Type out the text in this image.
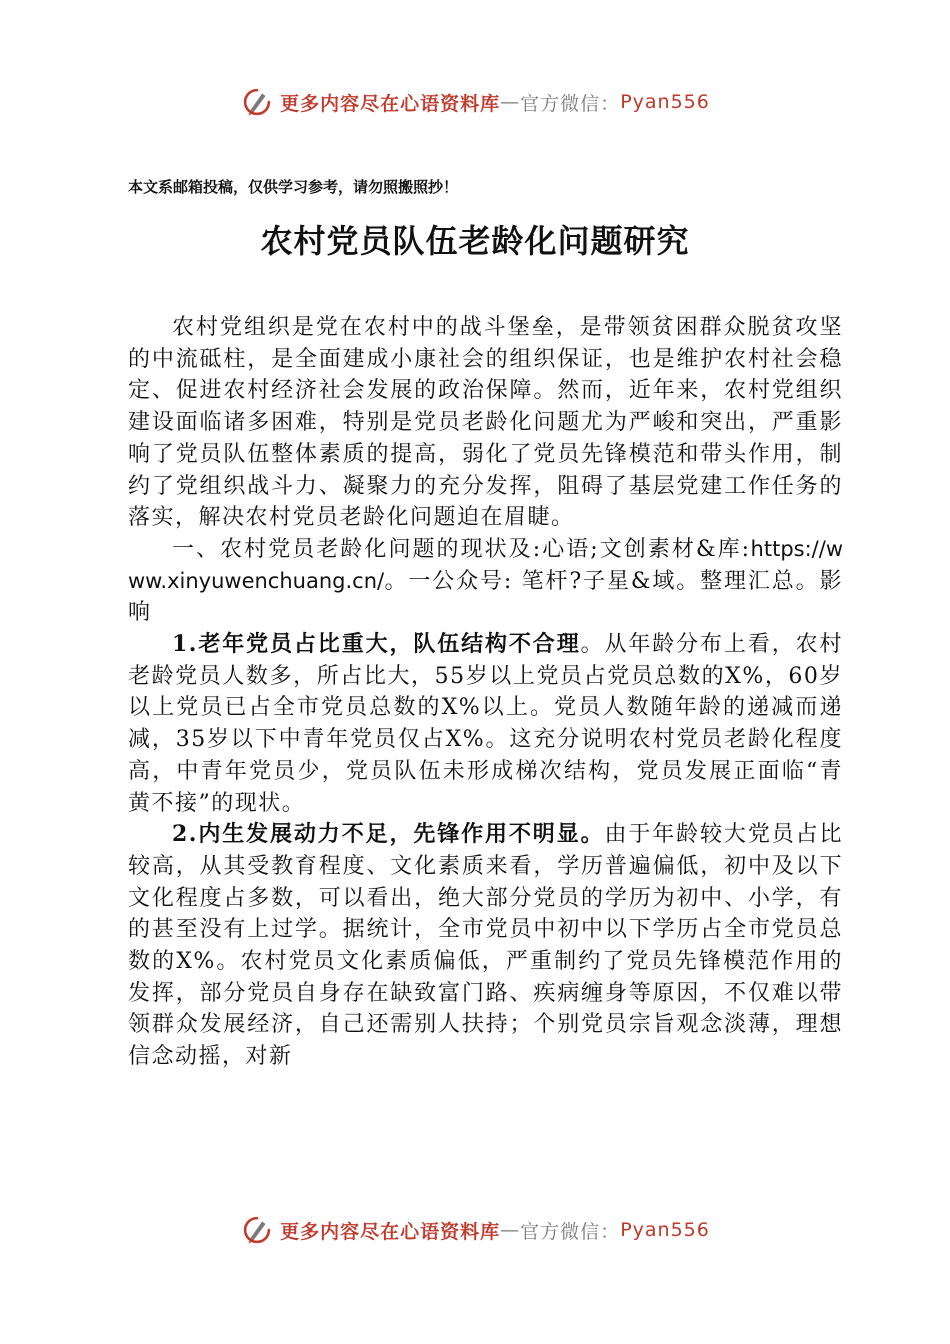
更多内容尽在心语资料库 — 官方微信： Pyan556
本文系邮箱投稿，仅供学习参考，请勿照搬照抄！
农村党员队伍老龄化问题研究

农村党组织是党在农村中的战斗堡垒，是带领贫困群众脱贫攻坚的中流砥柱，是全面建成小康社会的组织保证，也是维护农村社会稳定、促进农村经济社会发展的政治保障。然而，近年来，农村党组织建设面临诸多困难，特别是党员老龄化问题尤为严峻和突出，严重影响了党员队伍整体素质的提高，弱化了党员先锋模范和带头作用，制约了党组织战斗力、凝聚力的充分发挥，阻碍了基层党建工作任务的落实，解决农村党员老龄化问题迫在眉睫。

一、农村党员老龄化问题的现状及:心语;文创素材&库:https://www.xinyuwenchuang.cn/。一公众号: 笔杆?子星&域。整理汇总。影响

1.老年党员占比重大，队伍结构不合理。从年龄分布上看，农村老龄党员人数多，所占比大，55岁以上党员占党员总数的X%，60岁以上党员已占全市党员总数的X%以上。党员人数随年龄的递减而递减，35岁以下中青年党员仅占X%。这充分说明农村党员老龄化程度高，中青年党员少，党员队伍未形成梯次结构，党员发展正面临“青黄不接”的现状。

2.内生发展动力不足，先锋作用不明显。由于年龄较大党员占比较高，从其受教育程度、文化素质来看，学历普遍偏低，初中及以下文化程度占多数，可以看出，绝大部分党员的学历为初中、小学，有的甚至没有上过学。据统计，全市党员中初中以下学历占全市党员总数的X%。农村党员文化素质偏低，严重制约了党员先锋模范作用的发挥，部分党员自身存在缺致富门路、疾病缠身等原因，不仅难以带领群众发展经济，自己还需别人扶持；个别党员宗旨观念淡薄，理想信念动摇，对新

更多内容尽在心语资料库 — 官方微信： Pyan556
